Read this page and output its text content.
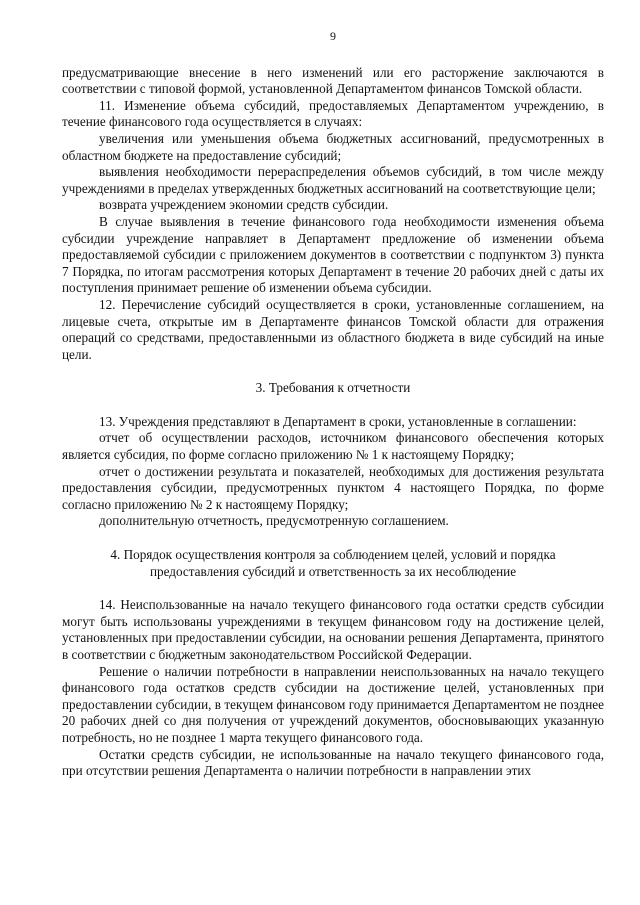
9

предусматривающие внесение в него изменений или его расторжение заключаются в соответствии с типовой формой, установленной Департаментом финансов Томской области.

11. Изменение объема субсидий, предоставляемых Департаментом учреждению, в течение финансового года осуществляется в случаях:

увеличения или уменьшения объема бюджетных ассигнований, предусмотренных в областном бюджете на предоставление субсидий;

выявления необходимости перераспределения объемов субсидий, в том числе между учреждениями в пределах утвержденных бюджетных ассигнований на соответствующие цели;

возврата учреждением экономии средств субсидии.

В случае выявления в течение финансового года необходимости изменения объема субсидии учреждение направляет в Департамент предложение об изменении объема предоставляемой субсидии с приложением документов в соответствии с подпунктом 3) пункта 7 Порядка, по итогам рассмотрения которых Департамент в течение 20 рабочих дней с даты их поступления принимает решение об изменении объема субсидии.

12. Перечисление субсидий осуществляется в сроки, установленные соглашением, на лицевые счета, открытые им в Департаменте финансов Томской области для отражения операций со средствами, предоставленными из областного бюджета в виде субсидий на иные цели.

3. Требования к отчетности

13. Учреждения представляют в Департамент в сроки, установленные в соглашении:

отчет об осуществлении расходов, источником финансового обеспечения которых является субсидия, по форме согласно приложению № 1 к настоящему Порядку;

отчет о достижении результата и показателей, необходимых для достижения результата предоставления субсидии, предусмотренных пунктом 4 настоящего Порядка, по форме согласно приложению № 2 к настоящему Порядку;

дополнительную отчетность, предусмотренную соглашением.

4. Порядок осуществления контроля за соблюдением целей, условий и порядка
предоставления субсидий и ответственность за их несоблюдение

14. Неиспользованные на начало текущего финансового года остатки средств субсидии могут быть использованы учреждениями в текущем финансовом году на достижение целей, установленных при предоставлении субсидии, на основании решения Департамента, принятого в соответствии с бюджетным законодательством Российской Федерации.

Решение о наличии потребности в направлении неиспользованных на начало текущего финансового года остатков средств субсидии на достижение целей, установленных при предоставлении субсидии, в текущем финансовом году принимается Департаментом не позднее 20 рабочих дней со дня получения от учреждений документов, обосновывающих указанную потребность, но не позднее 1 марта текущего финансового года.

Остатки средств субсидии, не использованные на начало текущего финансового года, при отсутствии решения Департамента о наличии потребности в направлении этих
